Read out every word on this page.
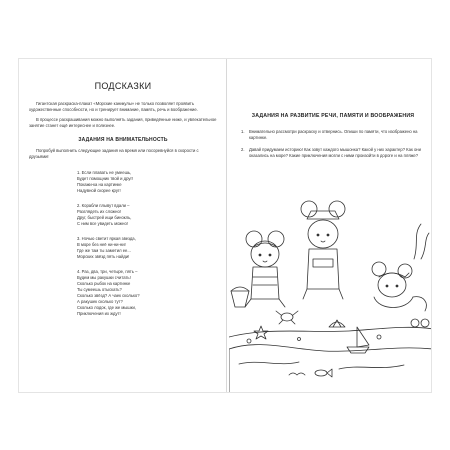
ПОДСКАЗКИ
Гигантская раскраска-плакат «Морские каникулы» не только позволяет проявить художественные способности, но и тренирует внимание, память, речь и воображение.
В процессе раскрашивания можно выполнять задания, приведённые ниже, и увлекательное занятие станет ещё интереснее и полезнее.
ЗАДАНИЯ НА ВНИМАТЕЛЬНОСТЬ
Попробуй выполнить следующие задания на время или посоревнуйся в скорости с друзьями!
1. Если плавать не умеешь,
Будет помощник твой и друг!
Покажи-ка на картинке
Надувной скорее круг!
2. Корабли плывут вдали –
Разглядеть их сложно!
Друг, быстрей ищи бинокль,
С ним все увидеть можно!
3. Ночью светит яркая звезда,
В море без неё ни-ни-ни!
Где же там ты заметил ее...
Морских звёзд пять найди!
4. Раз, два, три, четыре, пять –
Будем мы ракушки считать!
Сколько рыбок на картинке
Ты сумеешь отыскать?
Сколько звёзд? А чаек сколько?
А ракушек сколько тут?
Сколько лодок, где же мышки,
Приключения их ждут!
ЗАДАНИЯ НА РАЗВИТИЕ РЕЧИ, ПАМЯТИ И ВООБРАЖЕНИЯ
1.	Внимательно рассмотри раскраску и отвернись. Опиши по памяти, что изображено на картинке.
2.	Давай придумаем историю! Как зовут каждого мышонка? Какой у них характер? Как они оказались на море? Какие приключения могли с ними произойти в дороге и на пляже?
